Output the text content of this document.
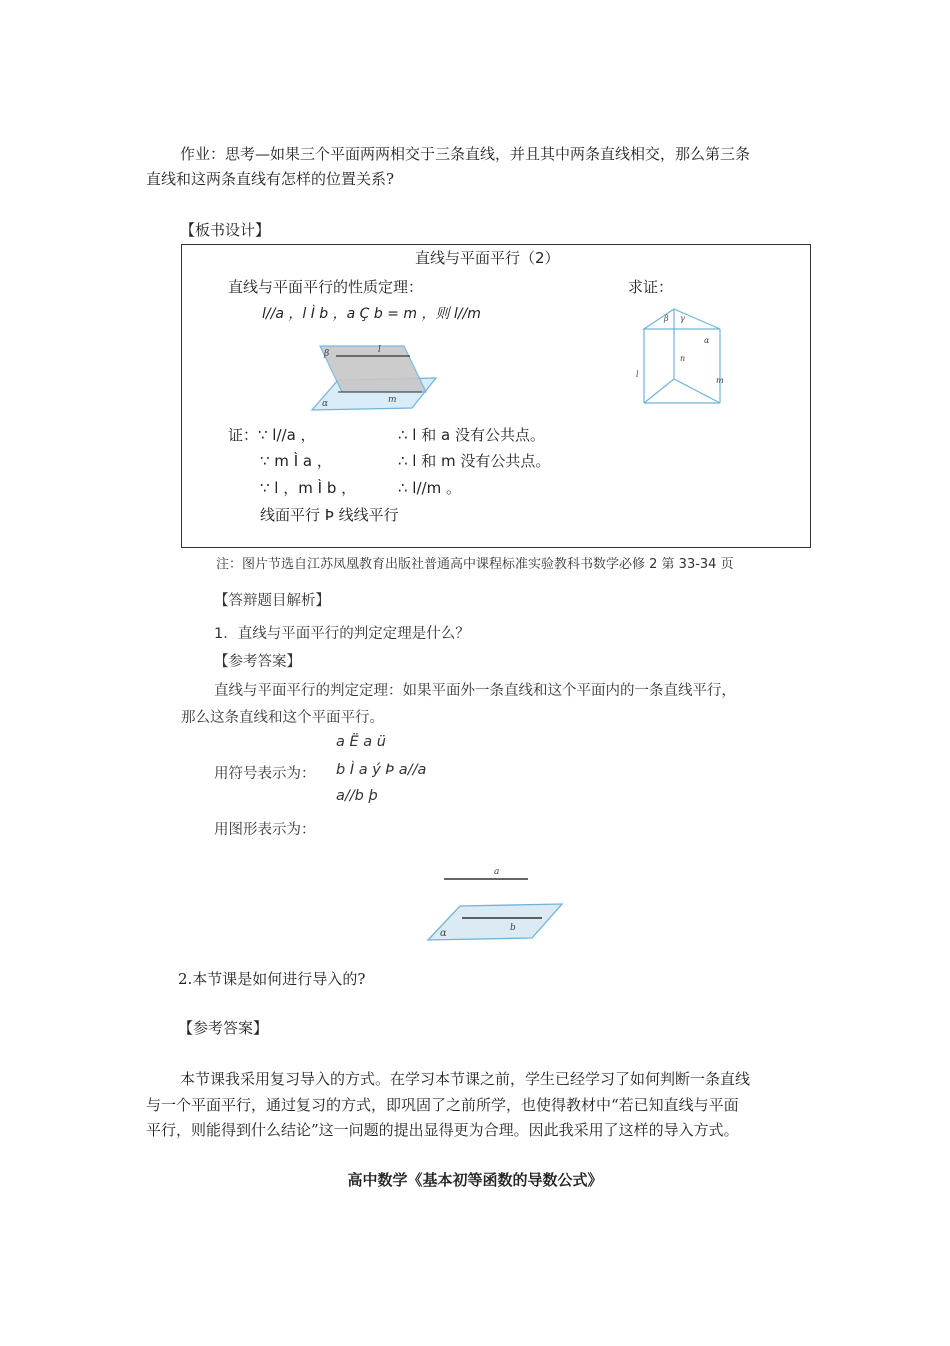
作业：思考—如果三个平面两两相交于三条直线，并且其中两条直线相交，那么第三条
直线和这两条直线有怎样的位置关系?
【板书设计】
直线与平面平行（2）
直线与平面平行的性质定理：	求证：
l//a ，l Ì b ，a Ç b = m ，则 l//m
β	l
α	m
β γ
α
n
l
m
证：∵ l//a ，	∴ l 和 a 没有公共点。
∵ m Ì a ，	∴ l 和 m 没有公共点。
∵ l ，m Ì b ，	∴ l//m 。
线面平行 Þ 线线平行
注：图片节选自江苏凤凰教育出版社普通高中课程标准实验教科书数学必修 2 第 33-34 页
【答辩题目解析】
1．直线与平面平行的判定定理是什么？
【参考答案】
直线与平面平行的判定定理：如果平面外一条直线和这个平面内的一条直线平行，
那么这条直线和这个平面平行。
a Ë a ü
用符号表示为： b Ì a ý Þ a//a
a//b þ
用图形表示为：
a
b
α
2.本节课是如何进行导入的?
【参考答案】
本节课我采用复习导入的方式。在学习本节课之前，学生已经学习了如何判断一条直线
与一个平面平行，通过复习的方式，即巩固了之前所学，也使得教材中“若已知直线与平面
平行，则能得到什么结论”这一问题的提出显得更为合理。因此我采用了这样的导入方式。
高中数学《基本初等函数的导数公式》
